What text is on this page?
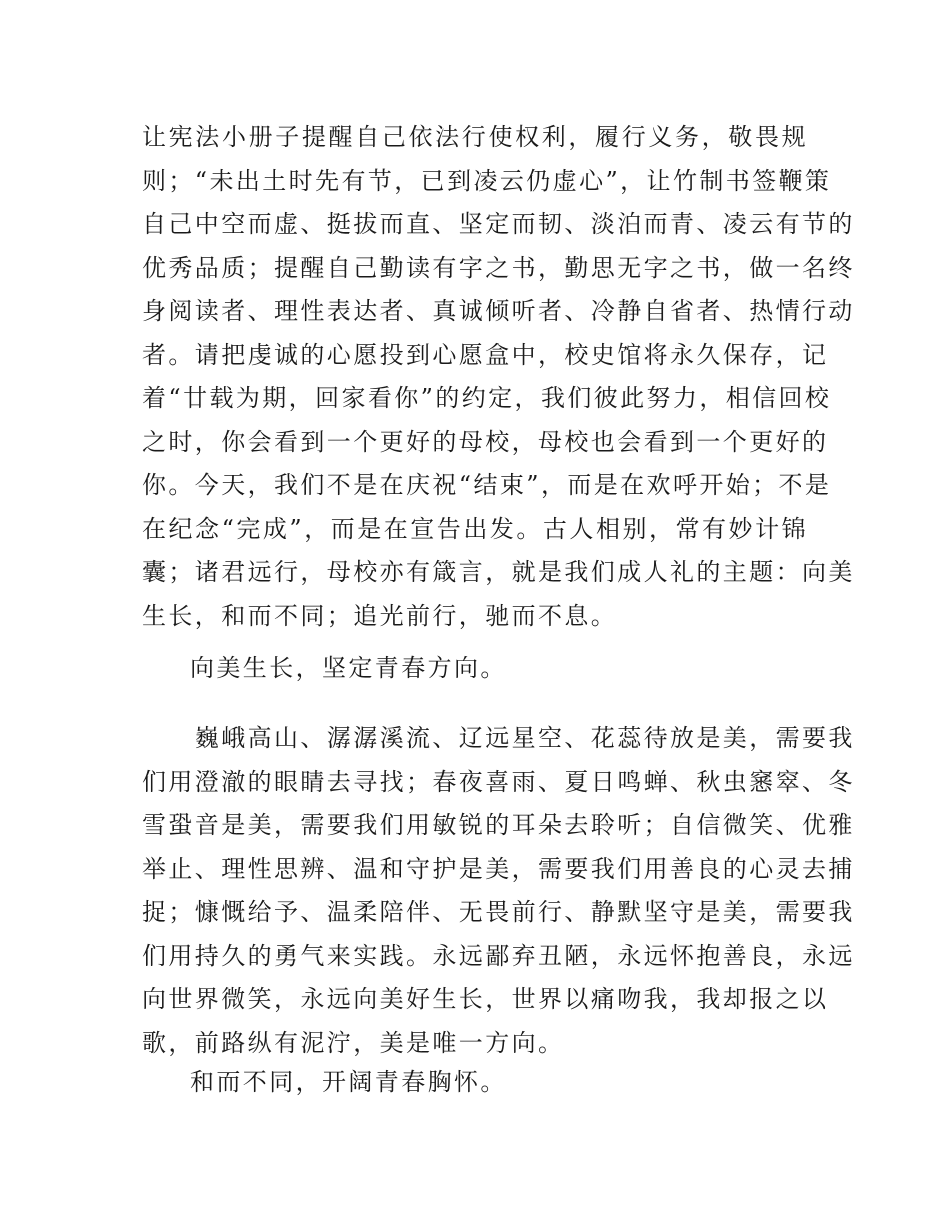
让宪法小册子提醒自己依法行使权利，履行义务，敬畏规
则；“未出土时先有节，已到凌云仍虚心”，让竹制书签鞭策
自己中空而虚、挺拔而直、坚定而韧、淡泊而青、凌云有节的
优秀品质；提醒自己勤读有字之书，勤思无字之书，做一名终
身阅读者、理性表达者、真诚倾听者、冷静自省者、热情行动
者。请把虔诚的心愿投到心愿盒中，校史馆将永久保存，记
着“廿载为期，回家看你”的约定，我们彼此努力，相信回校
之时，你会看到一个更好的母校，母校也会看到一个更好的
你。今天，我们不是在庆祝“结束”，而是在欢呼开始；不是
在纪念“完成”，而是在宣告出发。古人相别，常有妙计锦
囊；诸君远行，母校亦有箴言，就是我们成人礼的主题：向美
生长，和而不同；追光前行，驰而不息。
向美生长，坚定青春方向。
　　巍峨高山、潺潺溪流、辽远星空、花蕊待放是美，需要我
们用澄澈的眼睛去寻找；春夜喜雨、夏日鸣蝉、秋虫窸窣、冬
雪蛩音是美，需要我们用敏锐的耳朵去聆听；自信微笑、优雅
举止、理性思辨、温和守护是美，需要我们用善良的心灵去捕
捉；慷慨给予、温柔陪伴、无畏前行、静默坚守是美，需要我
们用持久的勇气来实践。永远鄙弃丑陋，永远怀抱善良，永远
向世界微笑，永远向美好生长，世界以痛吻我，我却报之以
歌，前路纵有泥泞，美是唯一方向。
和而不同，开阔青春胸怀。
